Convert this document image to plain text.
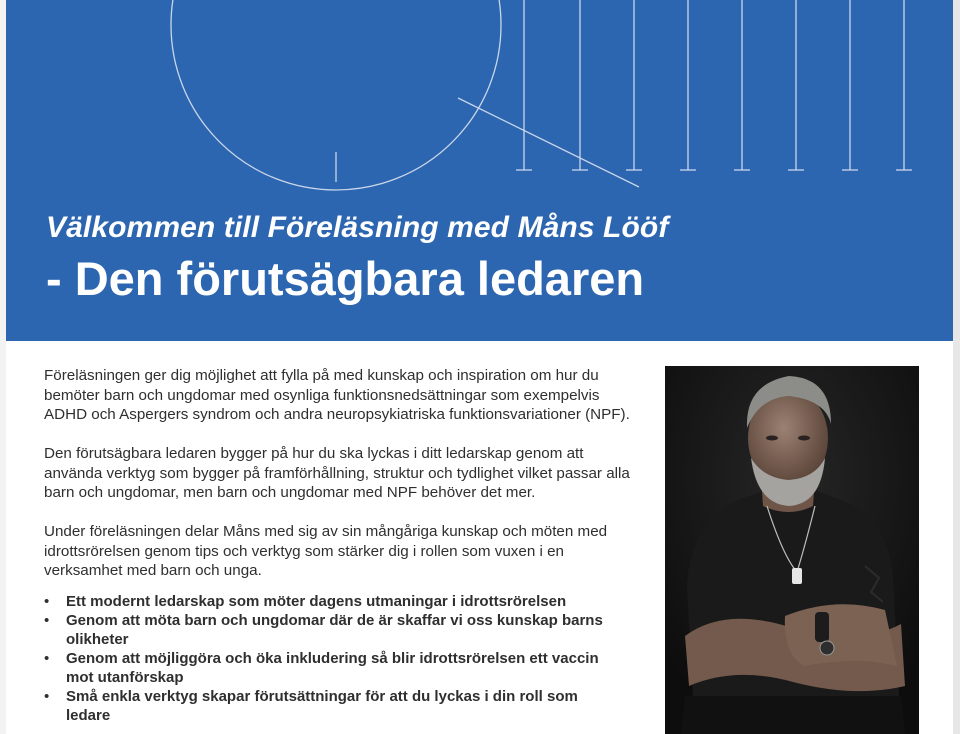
Välkommen till Föreläsning med Måns Lööf
- Den förutsägbara ledaren

Föreläsningen ger dig möjlighet att fylla på med kunskap och inspiration om hur du bemöter barn och ungdomar med osynliga funktionsnedsättningar som exempelvis ADHD och Aspergers syndrom och andra neuropsykiatriska funktionsvariationer (NPF).

Den förutsägbara ledaren bygger på hur du ska lyckas i ditt ledarskap genom att använda verktyg som bygger på framförhållning, struktur och tydlighet vilket passar alla barn och ungdomar, men barn och ungdomar med NPF behöver det mer.

Under föreläsningen delar Måns med sig av sin mångåriga kunskap och möten med idrottsrörelsen genom tips och verktyg som stärker dig i rollen som vuxen i en verksamhet med barn och unga.

• Ett modernt ledarskap som möter dagens utmaningar i idrottsrörelsen
• Genom att möta barn och ungdomar där de är skaffar vi oss kunskap barns olikheter
• Genom att möjliggöra och öka inkludering så blir idrottsrörelsen ett vaccin mot utanförskap
• Små enkla verktyg skapar förutsättningar för att du lyckas i din roll som ledare
